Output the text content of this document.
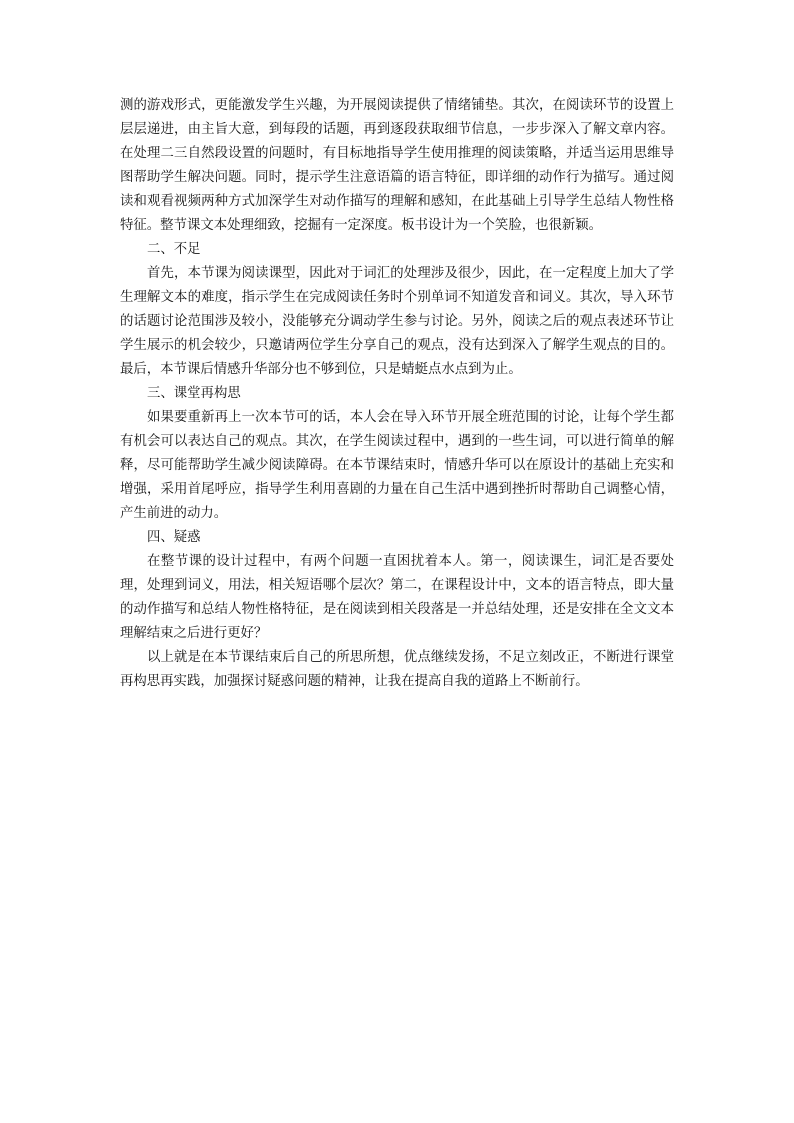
测的游戏形式，更能激发学生兴趣，为开展阅读提供了情绪铺垫。其次，在阅读环节的设置上层层递进，由主旨大意，到每段的话题，再到逐段获取细节信息，一步步深入了解文章内容。在处理二三自然段设置的问题时，有目标地指导学生使用推理的阅读策略，并适当运用思维导图帮助学生解决问题。同时，提示学生注意语篇的语言特征，即详细的动作行为描写。通过阅读和观看视频两种方式加深学生对动作描写的理解和感知，在此基础上引导学生总结人物性格特征。整节课文本处理细致，挖掘有一定深度。板书设计为一个笑脸，也很新颖。

二、不足

首先，本节课为阅读课型，因此对于词汇的处理涉及很少，因此，在一定程度上加大了学生理解文本的难度，指示学生在完成阅读任务时个别单词不知道发音和词义。其次，导入环节的话题讨论范围涉及较小，没能够充分调动学生参与讨论。另外，阅读之后的观点表述环节让学生展示的机会较少，只邀请两位学生分享自己的观点，没有达到深入了解学生观点的目的。最后，本节课后情感升华部分也不够到位，只是蜻蜓点水点到为止。

三、课堂再构思

如果要重新再上一次本节可的话，本人会在导入环节开展全班范围的讨论，让每个学生都有机会可以表达自己的观点。其次，在学生阅读过程中，遇到的一些生词，可以进行简单的解释，尽可能帮助学生减少阅读障碍。在本节课结束时，情感升华可以在原设计的基础上充实和增强，采用首尾呼应，指导学生利用喜剧的力量在自己生活中遇到挫折时帮助自己调整心情，产生前进的动力。

四、疑惑

在整节课的设计过程中，有两个问题一直困扰着本人。第一，阅读课生，词汇是否要处理，处理到词义，用法，相关短语哪个层次？第二，在课程设计中，文本的语言特点，即大量的动作描写和总结人物性格特征，是在阅读到相关段落是一并总结处理，还是安排在全文文本理解结束之后进行更好？

以上就是在本节课结束后自己的所思所想，优点继续发扬，不足立刻改正，不断进行课堂再构思再实践，加强探讨疑惑问题的精神，让我在提高自我的道路上不断前行。
